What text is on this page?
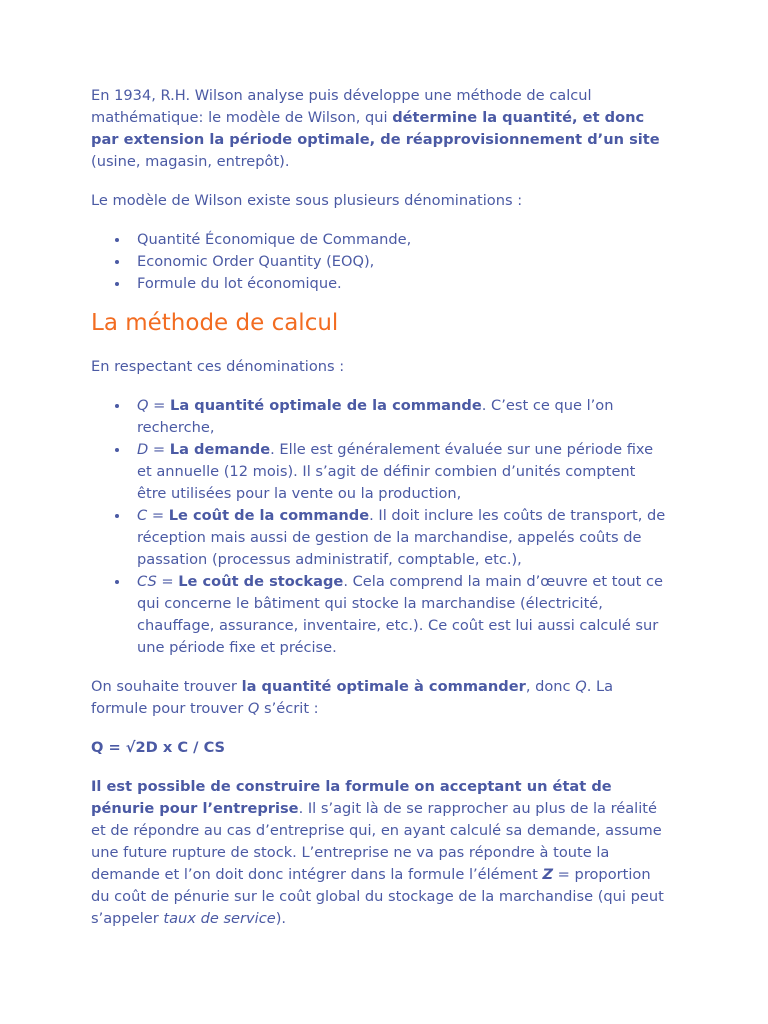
En 1934, R.H. Wilson analyse puis développe une méthode de calcul mathématique: le modèle de Wilson, qui détermine la quantité, et donc par extension la période optimale, de réapprovisionnement d’un site (usine, magasin, entrepôt).

Le modèle de Wilson existe sous plusieurs dénominations :

Quantité Économique de Commande,
Economic Order Quantity (EOQ),
Formule du lot économique.
La méthode de calcul

En respectant ces dénominations :

Q = La quantité optimale de la commande. C’est ce que l’on recherche,
D = La demande. Elle est généralement évaluée sur une période fixe et annuelle (12 mois). Il s’agit de définir combien d’unités comptent être utilisées pour la vente ou la production,
C = Le coût de la commande. Il doit inclure les coûts de transport, de réception mais aussi de gestion de la marchandise, appelés coûts de passation (processus administratif, comptable, etc.),
CS = Le coût de stockage. Cela comprend la main d’œuvre et tout ce qui concerne le bâtiment qui stocke la marchandise (électricité, chauffage, assurance, inventaire, etc.). Ce coût est lui aussi calculé sur une période fixe et précise.

On souhaite trouver la quantité optimale à commander, donc Q. La formule pour trouver Q s’écrit :

Q = √2D x C / CS

Il est possible de construire la formule on acceptant un état de pénurie pour l’entreprise. Il s’agit là de se rapprocher au plus de la réalité et de répondre au cas d’entreprise qui, en ayant calculé sa demande, assume une future rupture de stock. L’entreprise ne va pas répondre à toute la demande et l’on doit donc intégrer dans la formule l’élément Z = proportion du coût de pénurie sur le coût global du stockage de la marchandise (qui peut s’appeler taux de service).
